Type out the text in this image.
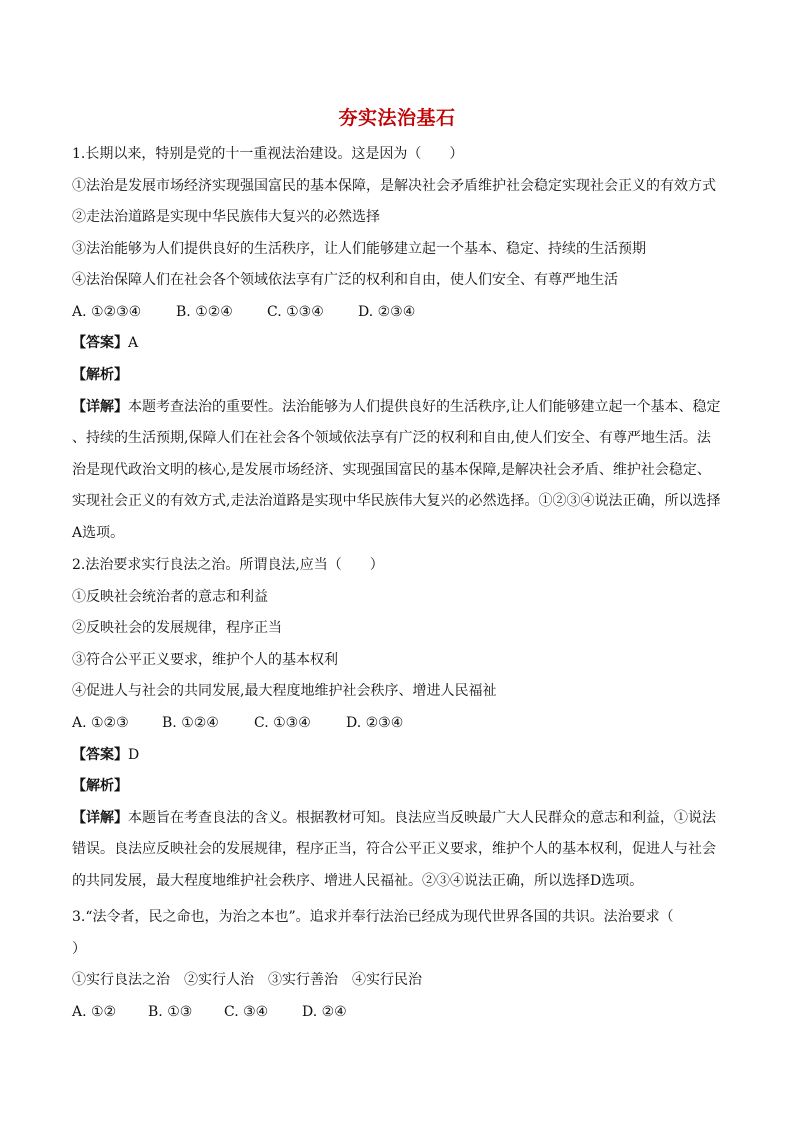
夯实法治基石
1.长期以来，特别是党的十一重视法治建设。这是因为（　　）
①法治是发展市场经济实现强国富民的基本保障，是解决社会矛盾维护社会稳定实现社会正义的有效方式
②走法治道路是实现中华民族伟大复兴的必然选择
③法治能够为人们提供良好的生活秩序，让人们能够建立起一个基本、稳定、持续的生活预期
④法治保障人们在社会各个领域依法享有广泛的权利和自由，使人们安全、有尊严地生活
A. ①②③④ B. ①②④ C. ①③④ D. ②③④
【答案】A
【解析】
【详解】本题考查法治的重要性。法治能够为人们提供良好的生活秩序,让人们能够建立起一个基本、稳定
、持续的生活预期,保障人们在社会各个领域依法享有广泛的权利和自由,使人们安全、有尊严地生活。法
治是现代政治文明的核心,是发展市场经济、实现强国富民的基本保障,是解决社会矛盾、维护社会稳定、
实现社会正义的有效方式,走法治道路是实现中华民族伟大复兴的必然选择。①②③④说法正确，所以选择
A选项。
2.法治要求实行良法之治。所谓良法,应当（　　）
①反映社会统治者的意志和利益
②反映社会的发展规律，程序正当
③符合公平正义要求，维护个人的基本权利
④促进人与社会的共同发展,最大程度地维护社会秩序、增进人民福祉
A. ①②③ B. ①②④	C. ①③④	D. ②③④
【答案】D
【解析】
【详解】本题旨在考查良法的含义。根据教材可知。良法应当反映最广大人民群众的意志和利益，①说法
错误。良法应反映社会的发展规律，程序正当，符合公平正义要求，维护个人的基本权利，促进人与社会
的共同发展，最大程度地维护社会秩序、增进人民福祉。②③④说法正确，所以选择D选项。
3.“法令者，民之命也，为治之本也”。追求并奉行法治已经成为现代世界各国的共识。法治要求（
）
①实行良法之治　②实行人治　③实行善治　④实行民治
A. ①② B. ①③ C. ③④ D. ②④
